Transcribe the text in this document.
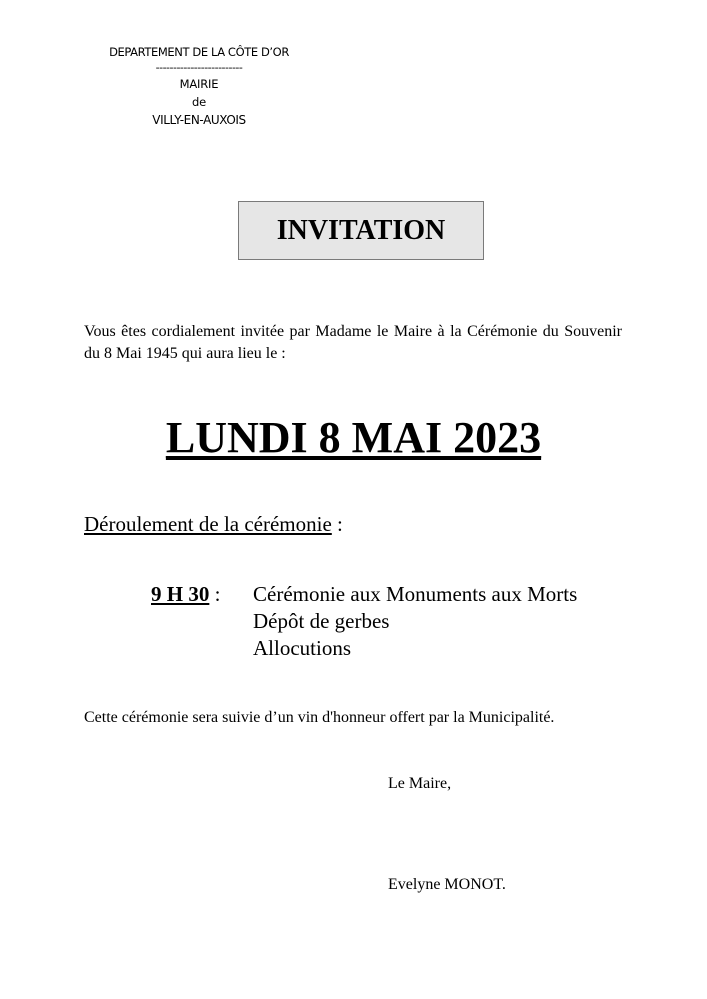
DEPARTEMENT DE LA CÔTE D’OR
-------------------------
MAIRIE
de
VILLY-EN-AUXOIS
INVITATION
Vous êtes cordialement invitée par Madame le Maire à la Cérémonie du Souvenir du 8 Mai 1945 qui aura lieu le :
LUNDI 8 MAI 2023
Déroulement de la cérémonie :
9 H 30 : Cérémonie aux Monuments aux Morts
Dépôt de gerbes
Allocutions
Cette cérémonie sera suivie d’un vin d'honneur offert par la Municipalité.
Le Maire,
Evelyne MONOT.
